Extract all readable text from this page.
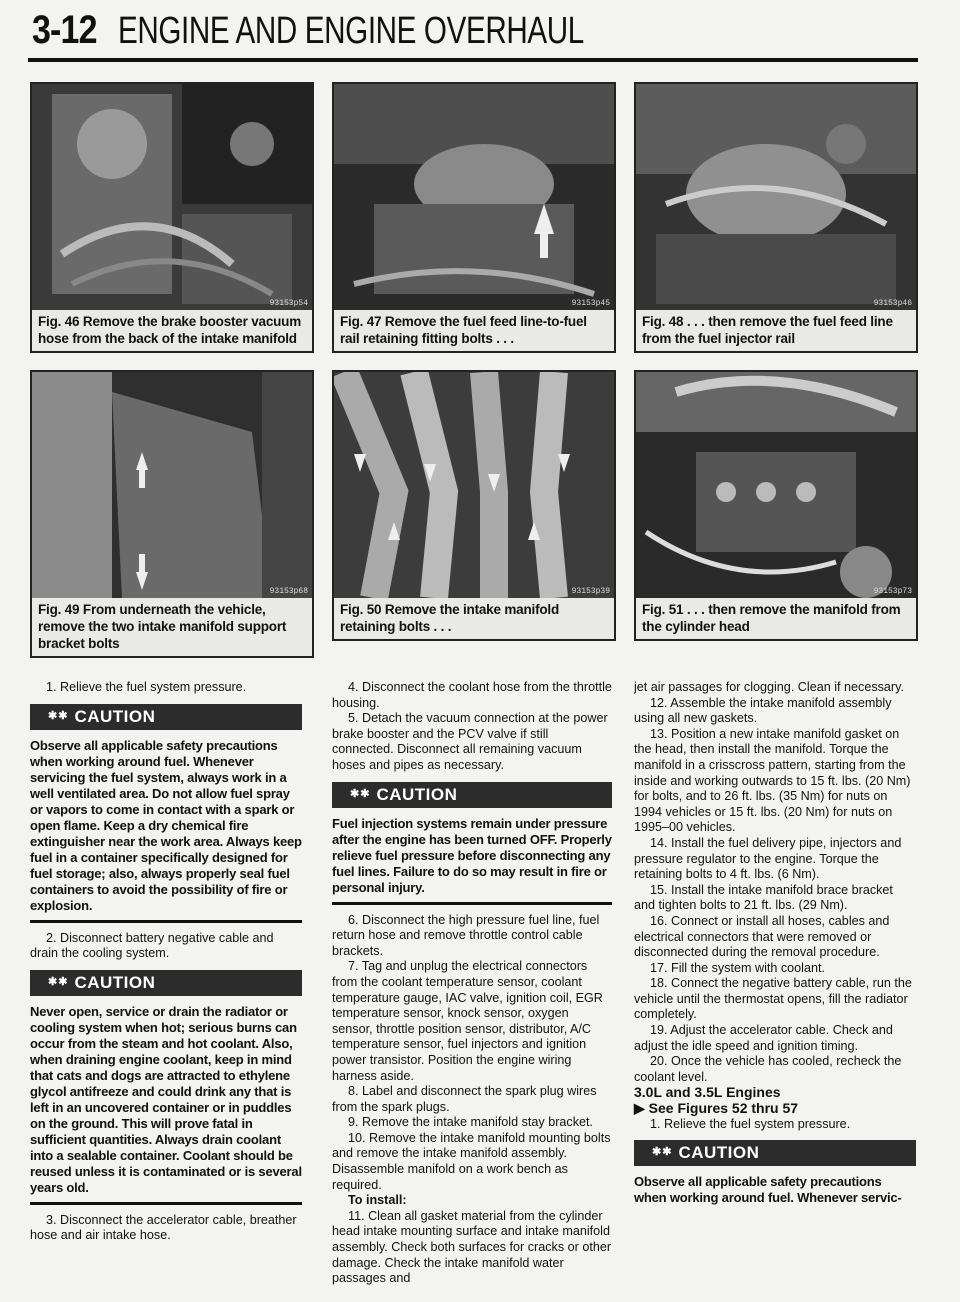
3-12 ENGINE AND ENGINE OVERHAUL
93153p54
Fig. 46 Remove the brake booster vacuum hose from the back of the intake manifold
93153p45
Fig. 47 Remove the fuel feed line-to-fuel rail retaining fitting bolts . . .
93153p46
Fig. 48 . . . then remove the fuel feed line from the fuel injector rail
93153p68
Fig. 49 From underneath the vehicle, remove the two intake manifold support bracket bolts
93153p39
Fig. 50 Remove the intake manifold retaining bolts . . .
93153p73
Fig. 51 . . . then remove the manifold from the cylinder head

1. Relieve the fuel system pressure.

✱✱ CAUTION

Observe all applicable safety precautions when working around fuel. Whenever servicing the fuel system, always work in a well ventilated area. Do not allow fuel spray or vapors to come in contact with a spark or open flame. Keep a dry chemical fire extinguisher near the work area. Always keep fuel in a container specifically designed for fuel storage; also, always properly seal fuel containers to avoid the possibility of fire or explosion.

2. Disconnect battery negative cable and drain the cooling system.

✱✱ CAUTION

Never open, service or drain the radiator or cooling system when hot; serious burns can occur from the steam and hot coolant. Also, when draining engine coolant, keep in mind that cats and dogs are attracted to ethylene glycol antifreeze and could drink any that is left in an uncovered container or in puddles on the ground. This will prove fatal in sufficient quantities. Always drain coolant into a sealable container. Coolant should be reused unless it is contaminated or is several years old.

3. Disconnect the accelerator cable, breather hose and air intake hose.

4. Disconnect the coolant hose from the throttle housing.

5. Detach the vacuum connection at the power brake booster and the PCV valve if still connected. Disconnect all remaining vacuum hoses and pipes as necessary.

✱✱ CAUTION

Fuel injection systems remain under pressure after the engine has been turned OFF. Properly relieve fuel pressure before disconnecting any fuel lines. Failure to do so may result in fire or personal injury.

6. Disconnect the high pressure fuel line, fuel return hose and remove throttle control cable brackets.

7. Tag and unplug the electrical connectors from the coolant temperature sensor, coolant temperature gauge, IAC valve, ignition coil, EGR temperature sensor, knock sensor, oxygen sensor, throttle position sensor, distributor, A/C temperature sensor, fuel injectors and ignition power transistor. Position the engine wiring harness aside.

8. Label and disconnect the spark plug wires from the spark plugs.

9. Remove the intake manifold stay bracket.

10. Remove the intake manifold mounting bolts and remove the intake manifold assembly. Disassemble manifold on a work bench as required.

To install:

11. Clean all gasket material from the cylinder head intake mounting surface and intake manifold assembly. Check both surfaces for cracks or other damage. Check the intake manifold water passages and

jet air passages for clogging. Clean if necessary.

12. Assemble the intake manifold assembly using all new gaskets.

13. Position a new intake manifold gasket on the head, then install the manifold. Torque the manifold in a crisscross pattern, starting from the inside and working outwards to 15 ft. lbs. (20 Nm) for bolts, and to 26 ft. lbs. (35 Nm) for nuts on 1994 vehicles or 15 ft. lbs. (20 Nm) for nuts on 1995–00 vehicles.

14. Install the fuel delivery pipe, injectors and pressure regulator to the engine. Torque the retaining bolts to 4 ft. lbs. (6 Nm).

15. Install the intake manifold brace bracket and tighten bolts to 21 ft. lbs. (29 Nm).

16. Connect or install all hoses, cables and electrical connectors that were removed or disconnected during the removal procedure.

17. Fill the system with coolant.

18. Connect the negative battery cable, run the vehicle until the thermostat opens, fill the radiator completely.

19. Adjust the accelerator cable. Check and adjust the idle speed and ignition timing.

20. Once the vehicle has cooled, recheck the coolant level.

3.0L and 3.5L Engines

▶ See Figures 52 thru 57

1. Relieve the fuel system pressure.

✱✱ CAUTION

Observe all applicable safety precautions when working around fuel. Whenever servic-
